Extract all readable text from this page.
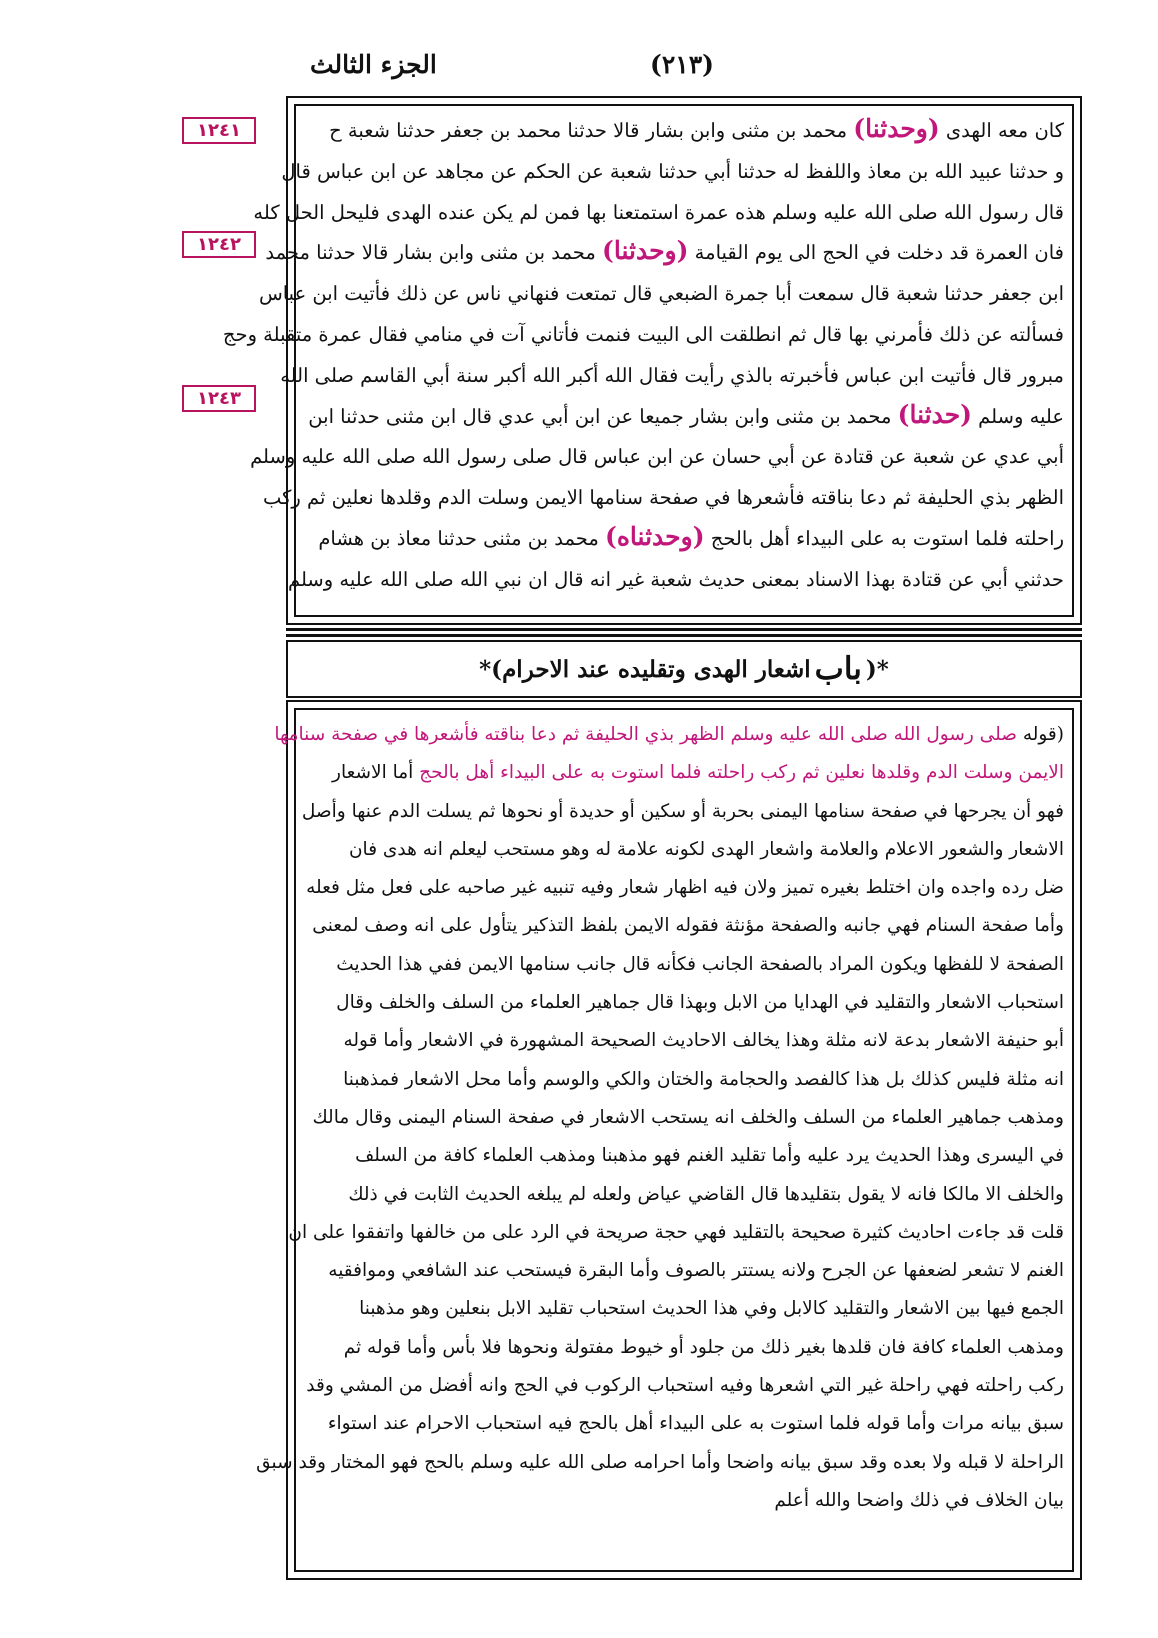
الجزء الثالث	(٢١٣)
١٢٤١
١٢٤٢
١٢٤٣
كان معه الهدى (وحدثنا) محمد بن مثنى وابن بشار قالا حدثنا محمد بن جعفر حدثنا شعبة ح
و حدثنا عبيد الله بن معاذ واللفظ له حدثنا أبي حدثنا شعبة عن الحكم عن مجاهد عن ابن عباس قال
قال رسول الله صلى الله عليه وسلم هذه عمرة استمتعنا بها فمن لم يكن عنده الهدى فليحل الحل كله
فان العمرة قد دخلت في الحج الى يوم القيامة (وحدثنا) محمد بن مثنى وابن بشار قالا حدثنا محمد
ابن جعفر حدثنا شعبة قال سمعت أبا جمرة الضبعي قال تمتعت فنهاني ناس عن ذلك فأتيت ابن عباس
فسألته عن ذلك فأمرني بها قال ثم انطلقت الى البيت فنمت فأتاني آت في منامي فقال عمرة متقبلة وحج
مبرور قال فأتيت ابن عباس فأخبرته بالذي رأيت فقال الله أكبر الله أكبر سنة أبي القاسم صلى الله
عليه وسلم (حدثنا) محمد بن مثنى وابن بشار جميعا عن ابن أبي عدي قال ابن مثنى حدثنا ابن
أبي عدي عن شعبة عن قتادة عن أبي حسان عن ابن عباس قال صلى رسول الله صلى الله عليه وسلم
الظهر بذي الحليفة ثم دعا بناقته فأشعرها في صفحة سنامها الايمن وسلت الدم وقلدها نعلين ثم ركب
راحلته فلما استوت به على البيداء أهل بالحج (وحدثناه) محمد بن مثنى حدثنا معاذ بن هشام
حدثني أبي عن قتادة بهذا الاسناد بمعنى حديث شعبة غير انه قال ان نبي الله صلى الله عليه وسلم
*(
باب
اشعار الهدى وتقليده عند الاحرام)*
(قوله صلى رسول الله صلى الله عليه وسلم الظهر بذي الحليفة ثم دعا بناقته فأشعرها في صفحة سنامها
الايمن وسلت الدم وقلدها نعلين ثم ركب راحلته فلما استوت به على البيداء أهل بالحج أما الاشعار
فهو أن يجرحها في صفحة سنامها اليمنى بحربة أو سكين أو حديدة أو نحوها ثم يسلت الدم عنها وأصل
الاشعار والشعور الاعلام والعلامة واشعار الهدى لكونه علامة له وهو مستحب ليعلم انه هدى فان
ضل رده واجده وان اختلط بغيره تميز ولان فيه اظهار شعار وفيه تنبيه غير صاحبه على فعل مثل فعله
وأما صفحة السنام فهي جانبه والصفحة مؤنثة فقوله الايمن بلفظ التذكير يتأول على انه وصف لمعنى
الصفحة لا للفظها ويكون المراد بالصفحة الجانب فكأنه قال جانب سنامها الايمن ففي هذا الحديث
استحباب الاشعار والتقليد في الهدايا من الابل وبهذا قال جماهير العلماء من السلف والخلف وقال
أبو حنيفة الاشعار بدعة لانه مثلة وهذا يخالف الاحاديث الصحيحة المشهورة في الاشعار وأما قوله
انه مثلة فليس كذلك بل هذا كالفصد والحجامة والختان والكي والوسم وأما محل الاشعار فمذهبنا
ومذهب جماهير العلماء من السلف والخلف انه يستحب الاشعار في صفحة السنام اليمنى وقال مالك
في اليسرى وهذا الحديث يرد عليه وأما تقليد الغنم فهو مذهبنا ومذهب العلماء كافة من السلف
والخلف الا مالكا فانه لا يقول بتقليدها قال القاضي عياض ولعله لم يبلغه الحديث الثابت في ذلك
قلت قد جاءت احاديث كثيرة صحيحة بالتقليد فهي حجة صريحة في الرد على من خالفها واتفقوا على ان
الغنم لا تشعر لضعفها عن الجرح ولانه يستتر بالصوف وأما البقرة فيستحب عند الشافعي وموافقيه
الجمع فيها بين الاشعار والتقليد كالابل وفي هذا الحديث استحباب تقليد الابل بنعلين وهو مذهبنا
ومذهب العلماء كافة فان قلدها بغير ذلك من جلود أو خيوط مفتولة ونحوها فلا بأس وأما قوله ثم
ركب راحلته فهي راحلة غير التي اشعرها وفيه استحباب الركوب في الحج وانه أفضل من المشي وقد
سبق بيانه مرات وأما قوله فلما استوت به على البيداء أهل بالحج فيه استحباب الاحرام عند استواء
الراحلة لا قبله ولا بعده وقد سبق بيانه واضحا وأما احرامه صلى الله عليه وسلم بالحج فهو المختار وقد سبق
بيان الخلاف في ذلك واضحا والله أعلم
